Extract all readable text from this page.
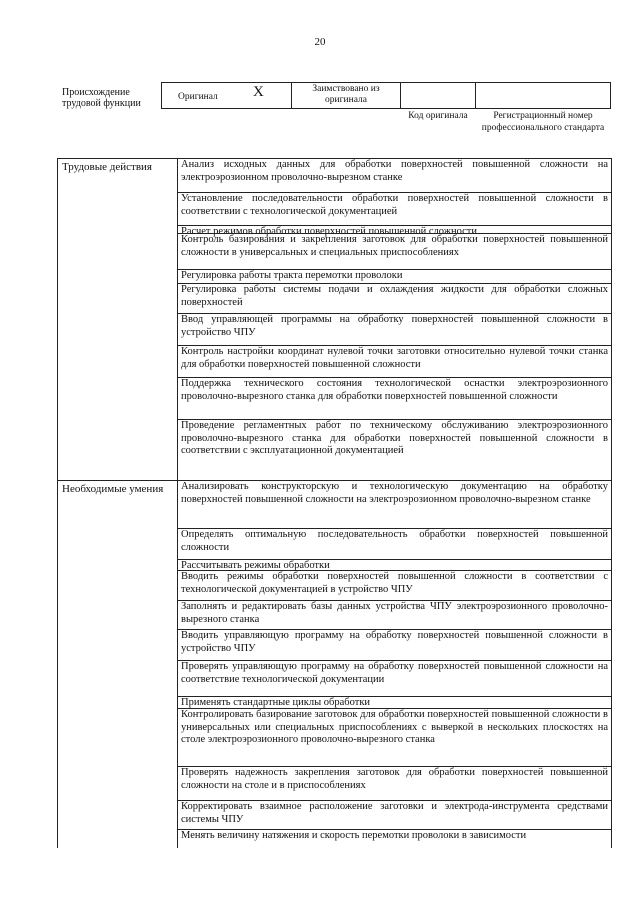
20
Происхождение трудовой функции
Оригинал X	Заимствовано из оригинала
Код оригинала	Регистрационный номер профессионального стандарта
Трудовые действия	Анализ исходных данных для обработки поверхностей повышенной сложности на электроэрозионном проволочно-вырезном станке
Установление последовательности обработки поверхностей повышенной сложности в соответствии с технологической документацией
Расчет режимов обработки поверхностей повышенной сложности
Контроль базирования и закрепления заготовок для обработки поверхностей повышенной сложности в универсальных и специальных приспособлениях
Регулировка работы тракта перемотки проволоки
Регулировка работы системы подачи и охлаждения жидкости для обработки сложных поверхностей
Ввод управляющей программы на обработку поверхностей повышенной сложности в устройство ЧПУ
Контроль настройки координат нулевой точки заготовки относительно нулевой точки станка для обработки поверхностей повышенной сложности
Поддержка технического состояния технологической оснастки электроэрозионного проволочно-вырезного станка для обработки поверхностей повышенной сложности
Проведение регламентных работ по техническому обслуживанию электроэрозионного проволочно-вырезного станка для обработки поверхностей повышенной сложности в соответствии с эксплуатационной документацией
Необходимые умения	Анализировать конструкторскую и технологическую документацию на обработку поверхностей повышенной сложности на электроэрозионном проволочно-вырезном станке
Определять оптимальную последовательность обработки поверхностей повышенной сложности
Рассчитывать режимы обработки
Вводить режимы обработки поверхностей повышенной сложности в соответствии с технологической документацией в устройство ЧПУ
Заполнять и редактировать базы данных устройства ЧПУ электроэрозионного проволочно-вырезного станка
Вводить управляющую программу на обработку поверхностей повышенной сложности в устройство ЧПУ
Проверять управляющую программу на обработку поверхностей повышенной сложности на соответствие технологической документации
Применять стандартные циклы обработки
Контролировать базирование заготовок для обработки поверхностей повышенной сложности в универсальных или специальных приспособлениях с выверкой в нескольких плоскостях на столе электроэрозионного проволочно-вырезного станка
Проверять надежность закрепления заготовок для обработки поверхностей повышенной сложности на столе и в приспособлениях
Корректировать взаимное расположение заготовки и электрода-инструмента средствами системы ЧПУ
Менять величину натяжения и скорость перемотки проволоки в зависимости
